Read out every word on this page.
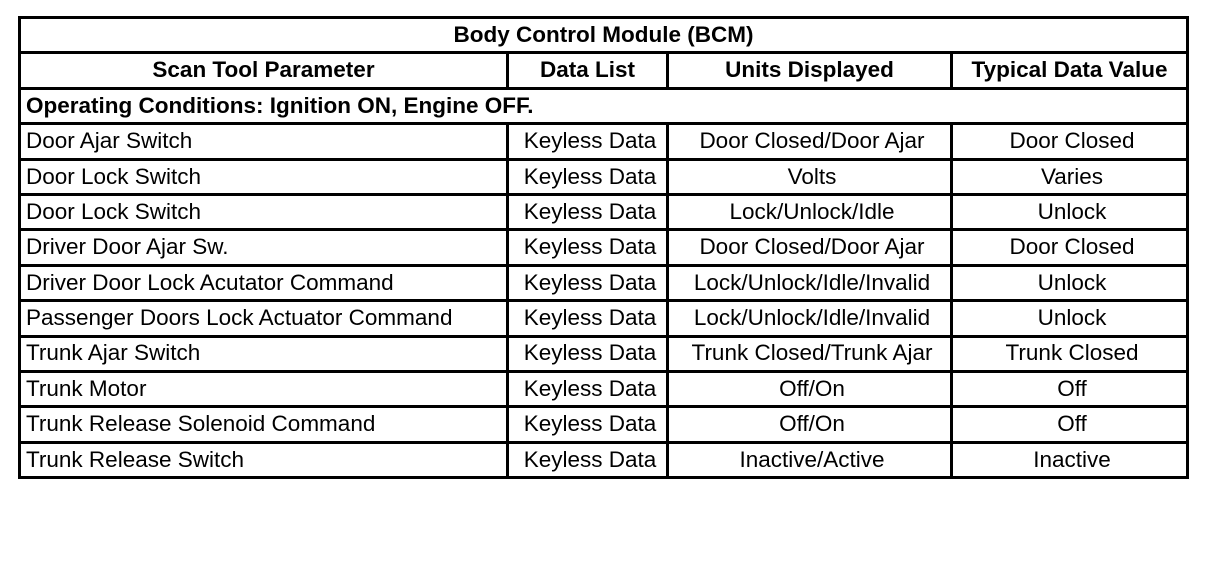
Body Control Module (BCM)			
Scan Tool Parameter	Data List	Units Displayed	Typical Data Value
Operating Conditions: Ignition ON, Engine OFF.			
Door Ajar Switch	Keyless Data	Door Closed/Door Ajar	Door Closed
Door Lock Switch	Keyless Data	Volts	Varies
Door Lock Switch	Keyless Data	Lock/Unlock/Idle	Unlock
Driver Door Ajar Sw.	Keyless Data	Door Closed/Door Ajar	Door Closed
Driver Door Lock Acutator Command	Keyless Data	Lock/Unlock/Idle/Invalid	Unlock
Passenger Doors Lock Actuator Command	Keyless Data	Lock/Unlock/Idle/Invalid	Unlock
Trunk Ajar Switch	Keyless Data	Trunk Closed/Trunk Ajar	Trunk Closed
Trunk Motor	Keyless Data	Off/On	Off
Trunk Release Solenoid Command	Keyless Data	Off/On	Off
Trunk Release Switch	Keyless Data	Inactive/Active	Inactive
